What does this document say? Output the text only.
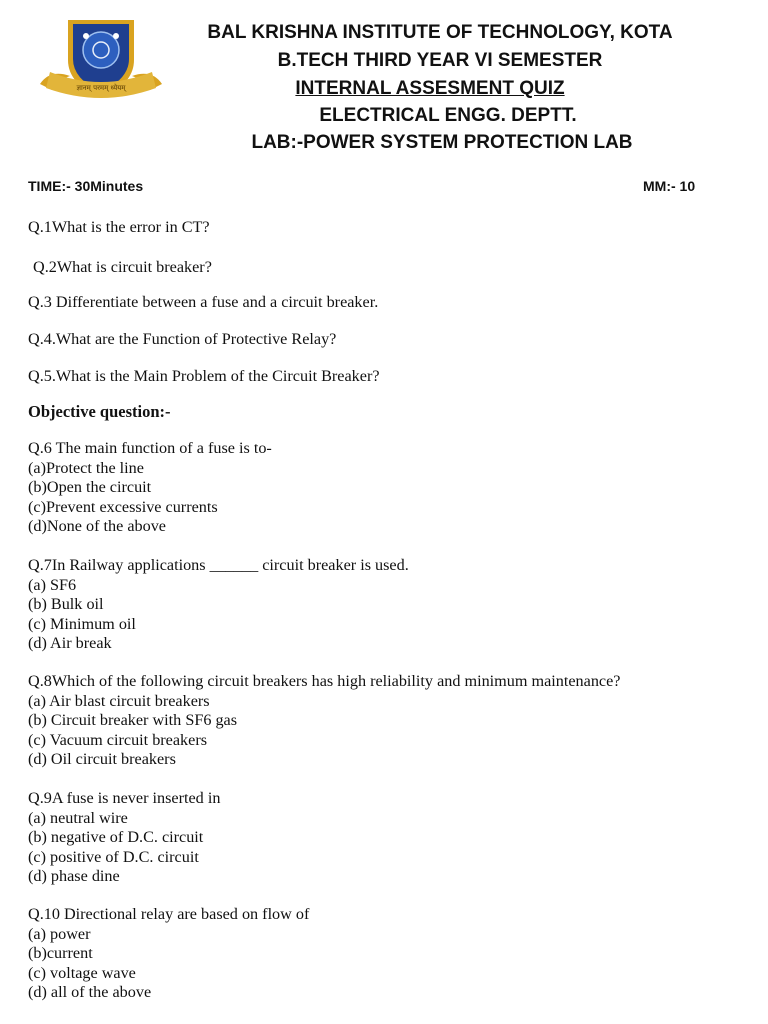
ज्ञानम् परमम् ध्येयम्
BAL KRISHNA INSTITUTE OF TECHNOLOGY, KOTA
B.TECH THIRD YEAR VI SEMESTER
INTERNAL ASSESMENT QUIZ
ELECTRICAL ENGG. DEPTT.
LAB:-POWER SYSTEM PROTECTION LAB
TIME:- 30Minutes	MM:- 10
Q.1What is the error in CT?
Q.2What is circuit breaker?
Q.3 Differentiate between a fuse and a circuit breaker.
Q.4.What are the Function of Protective Relay?
Q.5.What is the Main Problem of the Circuit Breaker?
Objective question:-
Q.6 The main function of a fuse is to-
(a)Protect the line
(b)Open the circuit
(c)Prevent excessive currents
(d)None of the above
Q.7In Railway applications ______ circuit breaker is used.
(a) SF6
(b) Bulk oil
(c) Minimum oil
(d) Air break
Q.8Which of the following circuit breakers has high reliability and minimum maintenance?
(a) Air blast circuit breakers
(b) Circuit breaker with SF6 gas
(c) Vacuum circuit breakers
(d) Oil circuit breakers
Q.9A fuse is never inserted in
(a) neutral wire
(b) negative of D.C. circuit
(c) positive of D.C. circuit
(d) phase dine
Q.10 Directional relay are based on flow of
(a) power
(b)current
(c) voltage wave
(d) all of the above
